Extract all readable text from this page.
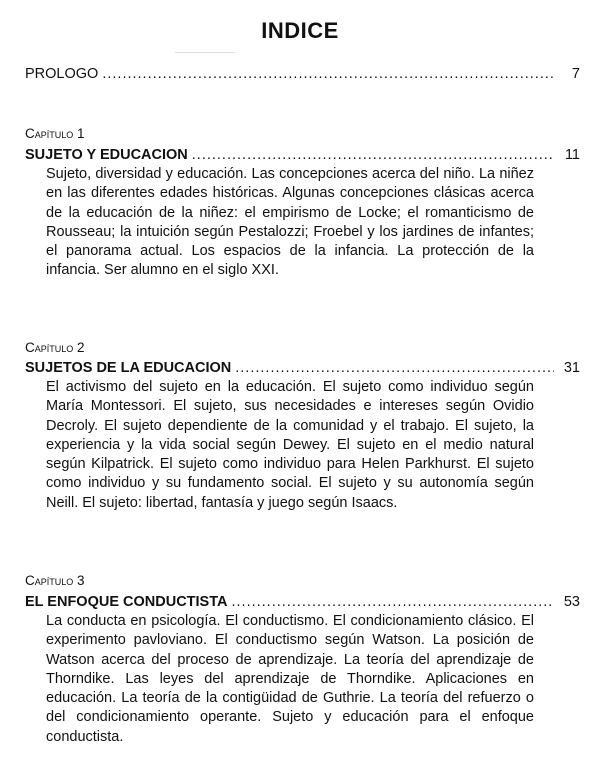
INDICE
PROLOGO .....	7
Capítulo 1
SUJETO Y EDUCACION .....	11
Sujeto, diversidad y educación. Las concepciones acerca del niño. La niñez en las diferentes edades históricas. Algunas concepciones clásicas acerca de la educación de la niñez: el empirismo de Locke; el romanticismo de Rousseau; la intuición según Pestalozzi; Froebel y los jardines de infantes; el panorama actual. Los espacios de la infancia. La protección de la infancia. Ser alumno en el siglo XXI.
Capítulo 2
SUJETOS DE LA EDUCACION .....	31
El activismo del sujeto en la educación. El sujeto como individuo según María Montessori. El sujeto, sus necesidades e intereses según Ovidio Decroly. El sujeto dependiente de la comunidad y el trabajo. El sujeto, la experiencia y la vida social según Dewey. El sujeto en el medio natural según Kilpatrick. El sujeto como individuo para Helen Parkhurst. El sujeto como individuo y su fundamento social. El sujeto y su autonomía según Neill. El sujeto: libertad, fantasía y juego según Isaacs.
Capítulo 3
EL ENFOQUE CONDUCTISTA .....	53
La conducta en psicología. El conductismo. El condicionamiento clásico. El experimento pavloviano. El conductismo según Watson. La posición de Watson acerca del proceso de aprendizaje. La teoría del aprendizaje de Thorndike. Las leyes del aprendizaje de Thorndike. Aplicaciones en educación. La teoría de la contigüidad de Guthrie. La teoría del refuerzo o del condicionamiento operante. Sujeto y educación para el enfoque conductista.
